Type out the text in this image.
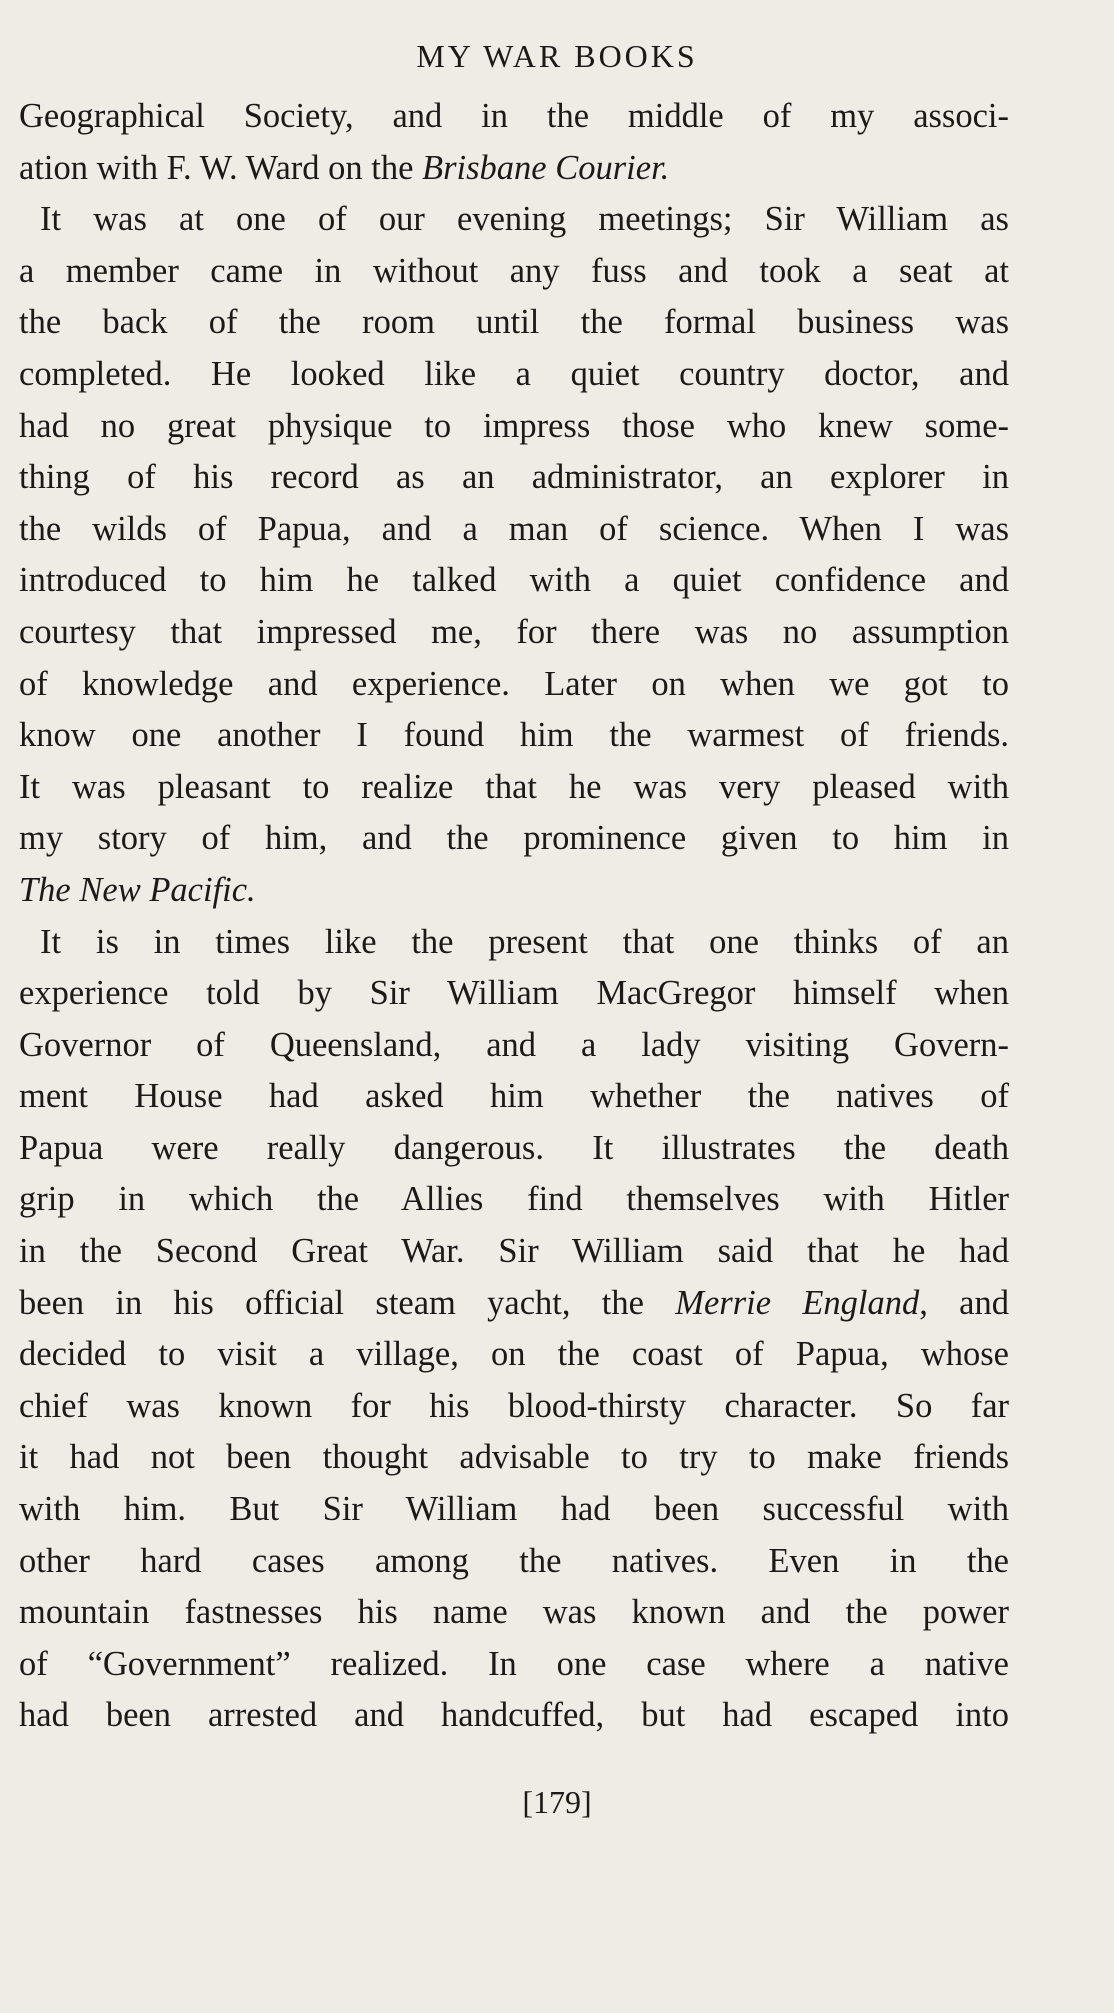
MY WAR BOOKS
Geographical Society, and in the middle of my associ-
ation with F. W. Ward on the Brisbane Courier.
It was at one of our evening meetings; Sir William as
a member came in without any fuss and took a seat at
the back of the room until the formal business was
completed. He looked like a quiet country doctor, and
had no great physique to impress those who knew some-
thing of his record as an administrator, an explorer in
the wilds of Papua, and a man of science. When I was
introduced to him he talked with a quiet confidence and
courtesy that impressed me, for there was no assumption
of knowledge and experience. Later on when we got to
know one another I found him the warmest of friends.
It was pleasant to realize that he was very pleased with
my story of him, and the prominence given to him in
The New Pacific.
It is in times like the present that one thinks of an
experience told by Sir William MacGregor himself when
Governor of Queensland, and a lady visiting Govern-
ment House had asked him whether the natives of
Papua were really dangerous. It illustrates the death
grip in which the Allies find themselves with Hitler
in the Second Great War. Sir William said that he had
been in his official steam yacht, the Merrie England, and
decided to visit a village, on the coast of Papua, whose
chief was known for his blood-thirsty character. So far
it had not been thought advisable to try to make friends
with him. But Sir William had been successful with
other hard cases among the natives. Even in the
mountain fastnesses his name was known and the power
of “Government” realized. In one case where a native
had been arrested and handcuffed, but had escaped into
[179]
